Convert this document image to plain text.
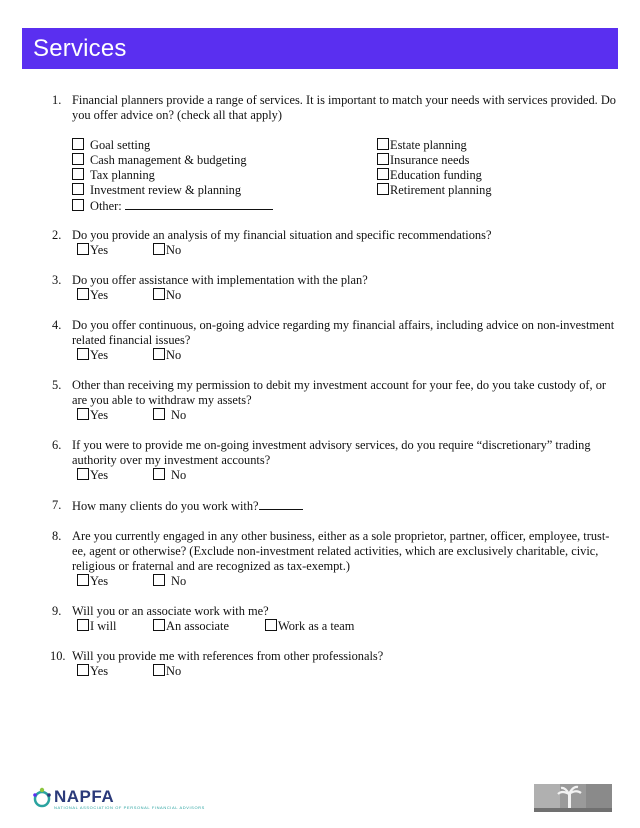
Services
1. Financial planners provide a range of services. It is important to match your needs with services provided. Do you offer advice on? (check all that apply)
Goal setting
Cash management & budgeting
Tax planning
Investment review & planning
Other:
Estate planning
Insurance needs
Education funding
Retirement planning
2. Do you provide an analysis of my financial situation and specific recommendations?
Yes	No
3. Do you offer assistance with implementation with the plan?
Yes	No
4. Do you offer continuous, on-going advice regarding my financial affairs, including advice on non-investment related financial issues?
Yes	No
5. Other than receiving my permission to debit my investment account for your fee, do you take custody of, or are you able to withdraw my assets?
Yes	No
6. If you were to provide me on-going investment advisory services, do you require “discretionary” trading authority over my investment accounts?
Yes	No
7. How many clients do you work with?
8. Are you currently engaged in any other business, either as a sole proprietor, partner, officer, employee, trust-ee, agent or otherwise? (Exclude non-investment related activities, which are exclusively charitable, civic, religious or fraternal and are recognized as tax-exempt.)
Yes	No
9. Will you or an associate work with me?
I will	An associate	Work as a team
10. Will you provide me with references from other professionals?
Yes	No
NAPFA
NATIONAL ASSOCIATION OF PERSONAL FINANCIAL ADVISORS
